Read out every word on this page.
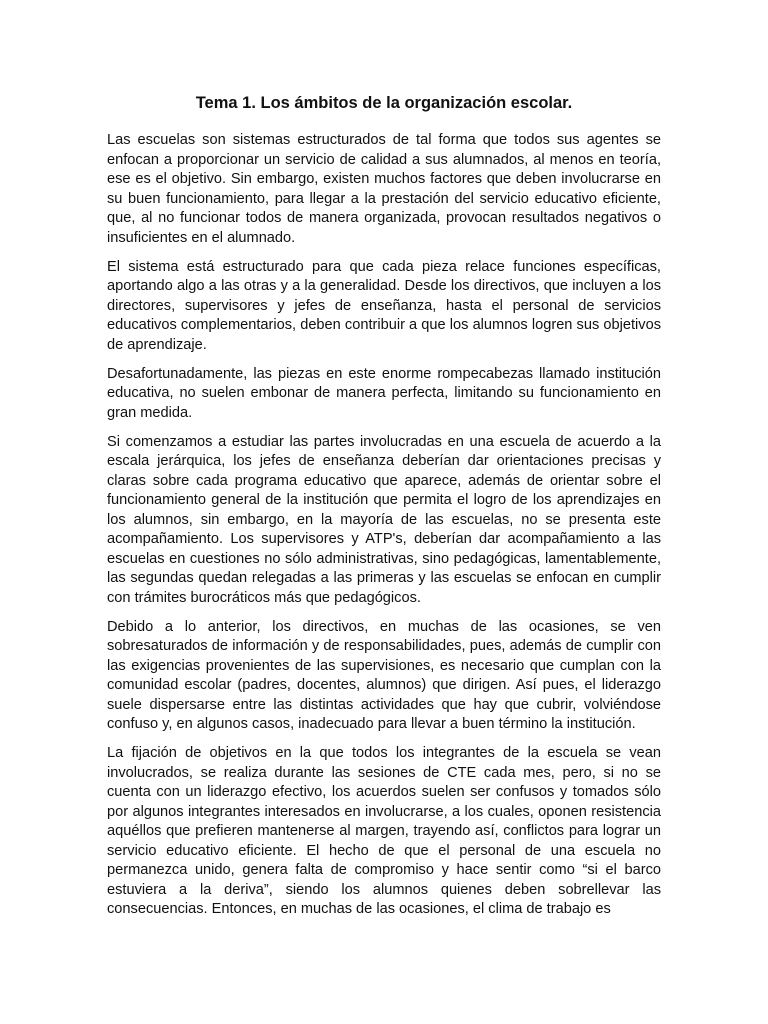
Tema 1. Los ámbitos de la organización escolar.

Las escuelas son sistemas estructurados de tal forma que todos sus agentes se enfocan a proporcionar un servicio de calidad a sus alumnados, al menos en teoría, ese es el objetivo. Sin embargo, existen muchos factores que deben involucrarse en su buen funcionamiento, para llegar a la prestación del servicio educativo eficiente, que, al no funcionar todos de manera organizada, provocan resultados negativos o insuficientes en el alumnado.

El sistema está estructurado para que cada pieza relace funciones específicas, aportando algo a las otras y a la generalidad. Desde los directivos, que incluyen a los directores, supervisores y jefes de enseñanza, hasta el personal de servicios educativos complementarios, deben contribuir a que los alumnos logren sus objetivos de aprendizaje.

Desafortunadamente, las piezas en este enorme rompecabezas llamado institución educativa, no suelen embonar de manera perfecta, limitando su funcionamiento en gran medida.

Si comenzamos a estudiar las partes involucradas en una escuela de acuerdo a la escala jerárquica, los jefes de enseñanza deberían dar orientaciones precisas y claras sobre cada programa educativo que aparece, además de orientar sobre el funcionamiento general de la institución que permita el logro de los aprendizajes en los alumnos, sin embargo, en la mayoría de las escuelas, no se presenta este acompañamiento. Los supervisores y ATP's, deberían dar acompañamiento a las escuelas en cuestiones no sólo administrativas, sino pedagógicas, lamentablemente, las segundas quedan relegadas a las primeras y las escuelas se enfocan en cumplir con trámites burocráticos más que pedagógicos.

Debido a lo anterior, los directivos, en muchas de las ocasiones, se ven sobresaturados de información y de responsabilidades, pues, además de cumplir con las exigencias provenientes de las supervisiones, es necesario que cumplan con la comunidad escolar (padres, docentes, alumnos) que dirigen. Así pues, el liderazgo suele dispersarse entre las distintas actividades que hay que cubrir, volviéndose confuso y, en algunos casos, inadecuado para llevar a buen término la institución.

La fijación de objetivos en la que todos los integrantes de la escuela se vean involucrados, se realiza durante las sesiones de CTE cada mes, pero, si no se cuenta con un liderazgo efectivo, los acuerdos suelen ser confusos y tomados sólo por algunos integrantes interesados en involucrarse, a los cuales, oponen resistencia aquéllos que prefieren mantenerse al margen, trayendo así, conflictos para lograr un servicio educativo eficiente. El hecho de que el personal de una escuela no permanezca unido, genera falta de compromiso y hace sentir como “si el barco estuviera a la deriva”, siendo los alumnos quienes deben sobrellevar las consecuencias. Entonces, en muchas de las ocasiones, el clima de trabajo es
